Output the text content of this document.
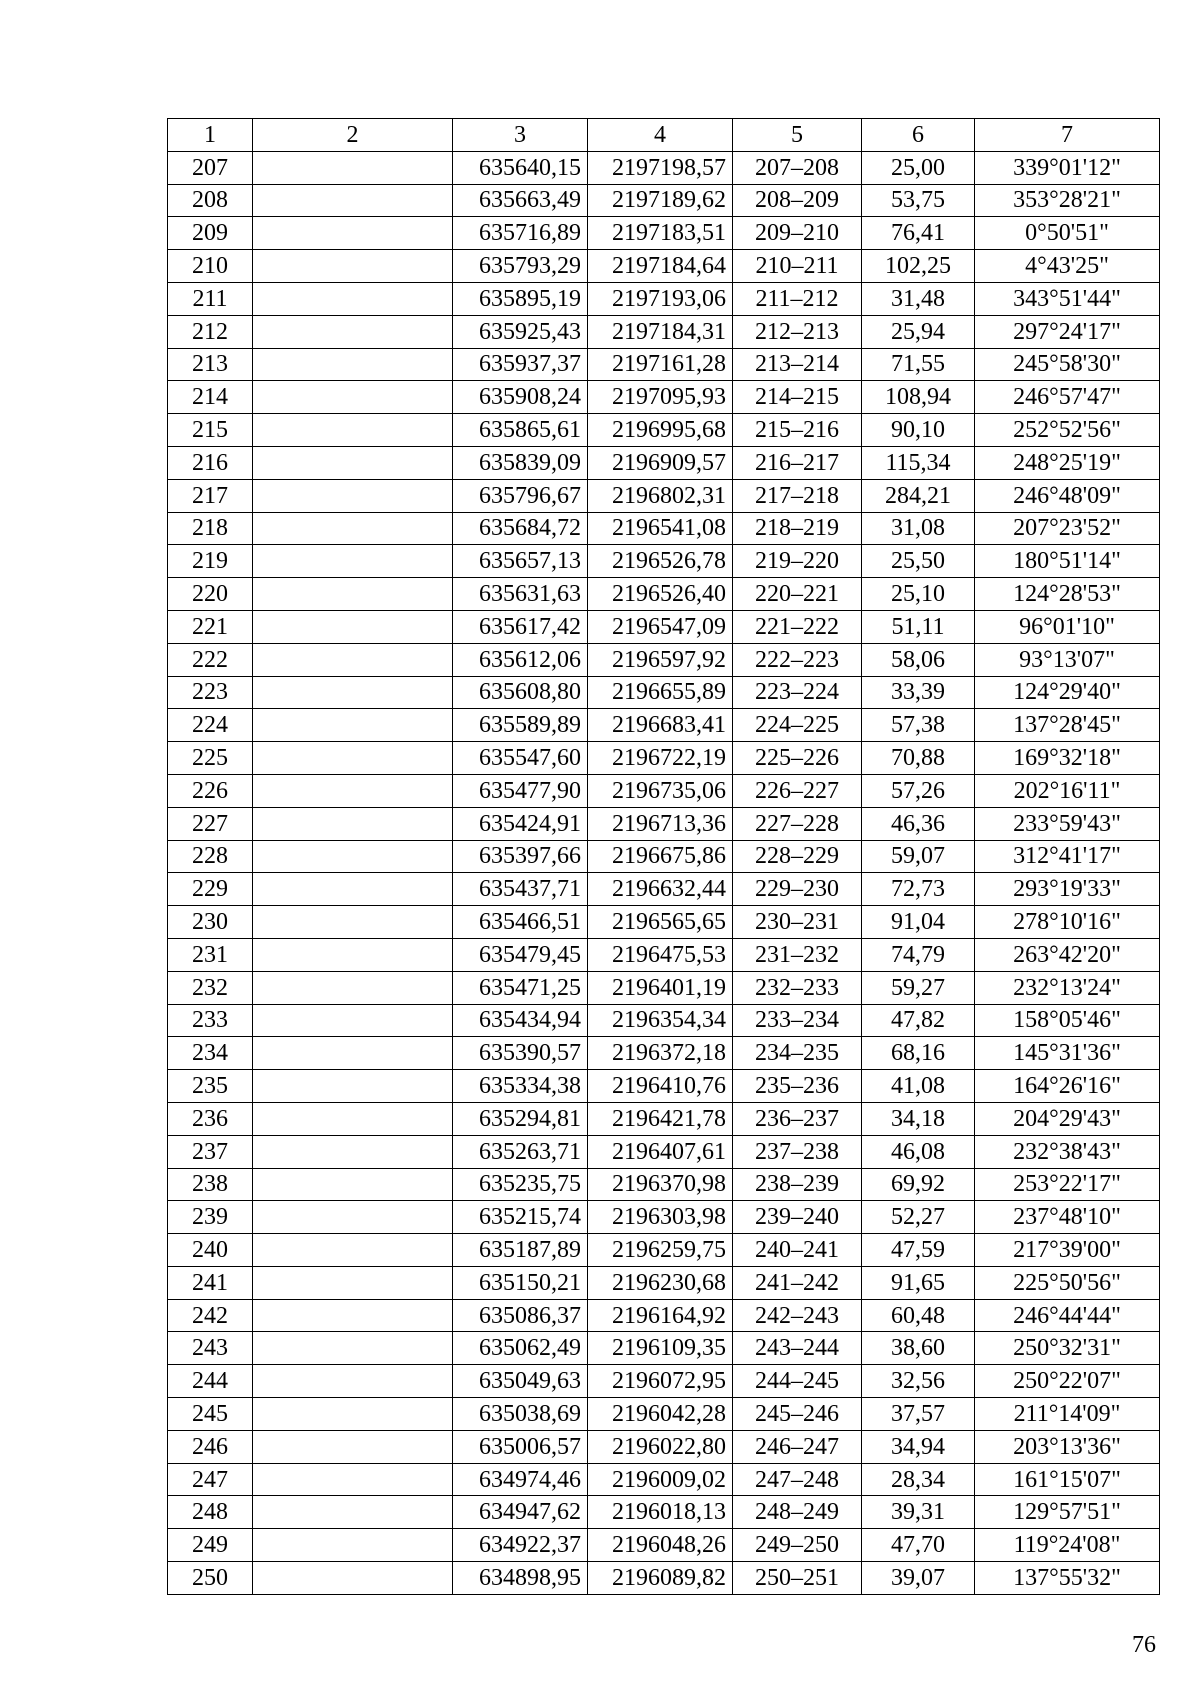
1	2	3	4	5	6	7
207		635640,15	2197198,57	207–208	25,00	339°01'12"
208		635663,49	2197189,62	208–209	53,75	353°28'21"
209		635716,89	2197183,51	209–210	76,41	0°50'51"
210		635793,29	2197184,64	210–211	102,25	4°43'25"
211		635895,19	2197193,06	211–212	31,48	343°51'44"
212		635925,43	2197184,31	212–213	25,94	297°24'17"
213		635937,37	2197161,28	213–214	71,55	245°58'30"
214		635908,24	2197095,93	214–215	108,94	246°57'47"
215		635865,61	2196995,68	215–216	90,10	252°52'56"
216		635839,09	2196909,57	216–217	115,34	248°25'19"
217		635796,67	2196802,31	217–218	284,21	246°48'09"
218		635684,72	2196541,08	218–219	31,08	207°23'52"
219		635657,13	2196526,78	219–220	25,50	180°51'14"
220		635631,63	2196526,40	220–221	25,10	124°28'53"
221		635617,42	2196547,09	221–222	51,11	96°01'10"
222		635612,06	2196597,92	222–223	58,06	93°13'07"
223		635608,80	2196655,89	223–224	33,39	124°29'40"
224		635589,89	2196683,41	224–225	57,38	137°28'45"
225		635547,60	2196722,19	225–226	70,88	169°32'18"
226		635477,90	2196735,06	226–227	57,26	202°16'11"
227		635424,91	2196713,36	227–228	46,36	233°59'43"
228		635397,66	2196675,86	228–229	59,07	312°41'17"
229		635437,71	2196632,44	229–230	72,73	293°19'33"
230		635466,51	2196565,65	230–231	91,04	278°10'16"
231		635479,45	2196475,53	231–232	74,79	263°42'20"
232		635471,25	2196401,19	232–233	59,27	232°13'24"
233		635434,94	2196354,34	233–234	47,82	158°05'46"
234		635390,57	2196372,18	234–235	68,16	145°31'36"
235		635334,38	2196410,76	235–236	41,08	164°26'16"
236		635294,81	2196421,78	236–237	34,18	204°29'43"
237		635263,71	2196407,61	237–238	46,08	232°38'43"
238		635235,75	2196370,98	238–239	69,92	253°22'17"
239		635215,74	2196303,98	239–240	52,27	237°48'10"
240		635187,89	2196259,75	240–241	47,59	217°39'00"
241		635150,21	2196230,68	241–242	91,65	225°50'56"
242		635086,37	2196164,92	242–243	60,48	246°44'44"
243		635062,49	2196109,35	243–244	38,60	250°32'31"
244		635049,63	2196072,95	244–245	32,56	250°22'07"
245		635038,69	2196042,28	245–246	37,57	211°14'09"
246		635006,57	2196022,80	246–247	34,94	203°13'36"
247		634974,46	2196009,02	247–248	28,34	161°15'07"
248		634947,62	2196018,13	248–249	39,31	129°57'51"
249		634922,37	2196048,26	249–250	47,70	119°24'08"
250		634898,95	2196089,82	250–251	39,07	137°55'32"
76
